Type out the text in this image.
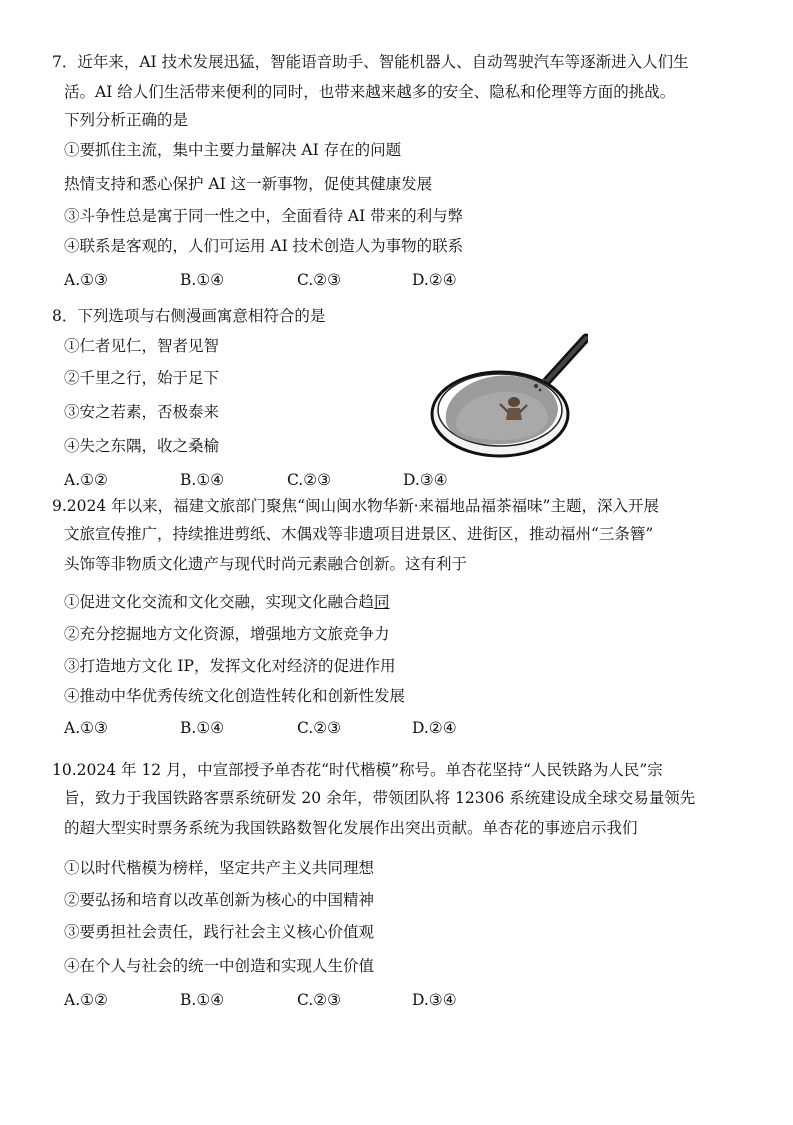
7．近年来，AI 技术发展迅猛，智能语音助手、智能机器人、自动驾驶汽车等逐渐进入人们生
活。AI 给人们生活带来便利的同时，也带来越来越多的安全、隐私和伦理等方面的挑战。
下列分析正确的是
①要抓住主流，集中主要力量解决 AI 存在的问题
热情支持和悉心保护 AI 这一新事物，促使其健康发展
③斗争性总是寓于同一性之中，全面看待 AI 带来的利与弊
④联系是客观的，人们可运用 AI 技术创造人为事物的联系
A.①③	B.①④	C.②③	D.②④
8．下列选项与右侧漫画寓意相符合的是
①仁者见仁，智者见智
②千里之行，始于足下
③安之若素，否极泰来
④失之东隅，收之桑榆
A.①②	B.①④	C.②③	D.③④
9.2024 年以来，福建文旅部门聚焦“闽山闽水物华新·来福地品福茶福味”主题，深入开展
文旅宣传推广，持续推进剪纸、木偶戏等非遗项目进景区、进街区，推动福州“三条簪”
头饰等非物质文化遗产与现代时尚元素融合创新。这有利于
①促进文化交流和文化交融，实现文化融合趋同
②充分挖掘地方文化资源，增强地方文旅竞争力
③打造地方文化 IP，发挥文化对经济的促进作用
④推动中华优秀传统文化创造性转化和创新性发展
A.①③	B.①④	C.②③	D.②④
10.2024 年 12 月，中宣部授予单杏花“时代楷模”称号。单杏花坚持“人民铁路为人民”宗
旨，致力于我国铁路客票系统研发 20 余年，带领团队将 12306 系统建设成全球交易量领先
的超大型实时票务系统为我国铁路数智化发展作出突出贡献。单杏花的事迹启示我们
①以时代楷模为榜样，坚定共产主义共同理想
②要弘扬和培育以改革创新为核心的中国精神
③要勇担社会责任，践行社会主义核心价值观
④在个人与社会的统一中创造和实现人生价值
A.①②	B.①④	C.②③	D.③④
